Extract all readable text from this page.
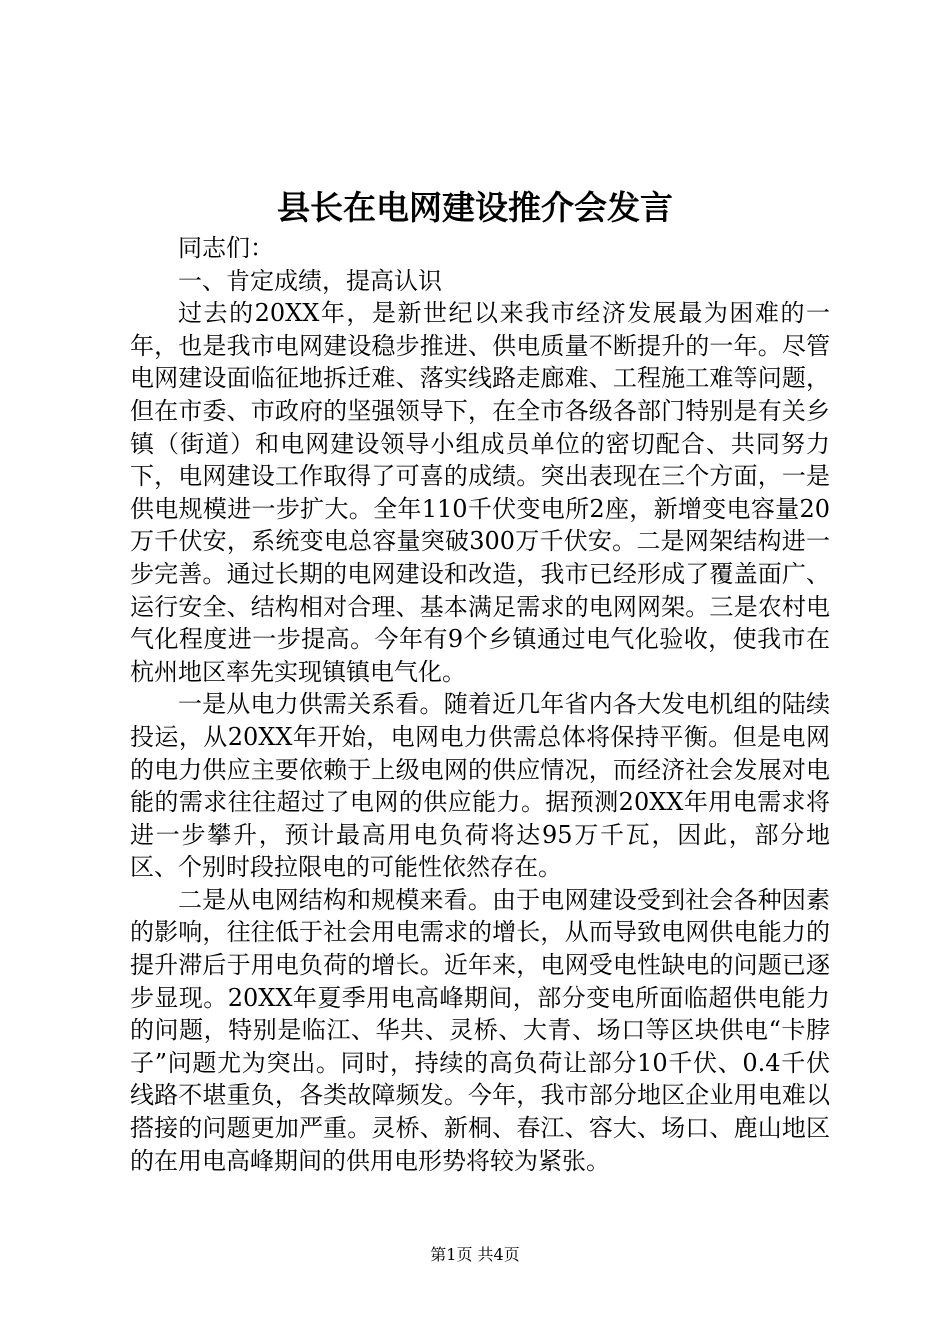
县长在电网建设推介会发言

同志们：

一、肯定成绩，提高认识

过去的20XX年，是新世纪以来我市经济发展最为困难的一年，也是我市电网建设稳步推进、供电质量不断提升的一年。尽管电网建设面临征地拆迁难、落实线路走廊难、工程施工难等问题，但在市委、市政府的坚强领导下，在全市各级各部门特别是有关乡镇（街道）和电网建设领导小组成员单位的密切配合、共同努力下，电网建设工作取得了可喜的成绩。突出表现在三个方面，一是供电规模进一步扩大。全年110千伏变电所2座，新增变电容量20万千伏安，系统变电总容量突破300万千伏安。二是网架结构进一步完善。通过长期的电网建设和改造，我市已经形成了覆盖面广、运行安全、结构相对合理、基本满足需求的电网网架。三是农村电气化程度进一步提高。今年有9个乡镇通过电气化验收，使我市在杭州地区率先实现镇镇电气化。

一是从电力供需关系看。随着近几年省内各大发电机组的陆续投运，从20XX年开始，电网电力供需总体将保持平衡。但是电网的电力供应主要依赖于上级电网的供应情况，而经济社会发展对电能的需求往往超过了电网的供应能力。据预测20XX年用电需求将进一步攀升，预计最高用电负荷将达95万千瓦，因此，部分地区、个别时段拉限电的可能性依然存在。

二是从电网结构和规模来看。由于电网建设受到社会各种因素的影响，往往低于社会用电需求的增长，从而导致电网供电能力的提升滞后于用电负荷的增长。近年来，电网受电性缺电的问题已逐步显现。20XX年夏季用电高峰期间，部分变电所面临超供电能力的问题，特别是临江、华共、灵桥、大青、场口等区块供电“卡脖子”问题尤为突出。同时，持续的高负荷让部分10千伏、0.4千伏线路不堪重负，各类故障频发。今年，我市部分地区企业用电难以搭接的问题更加严重。灵桥、新桐、春江、容大、场口、鹿山地区的在用电高峰期间的供用电形势将较为紧张。

第1页 共4页
